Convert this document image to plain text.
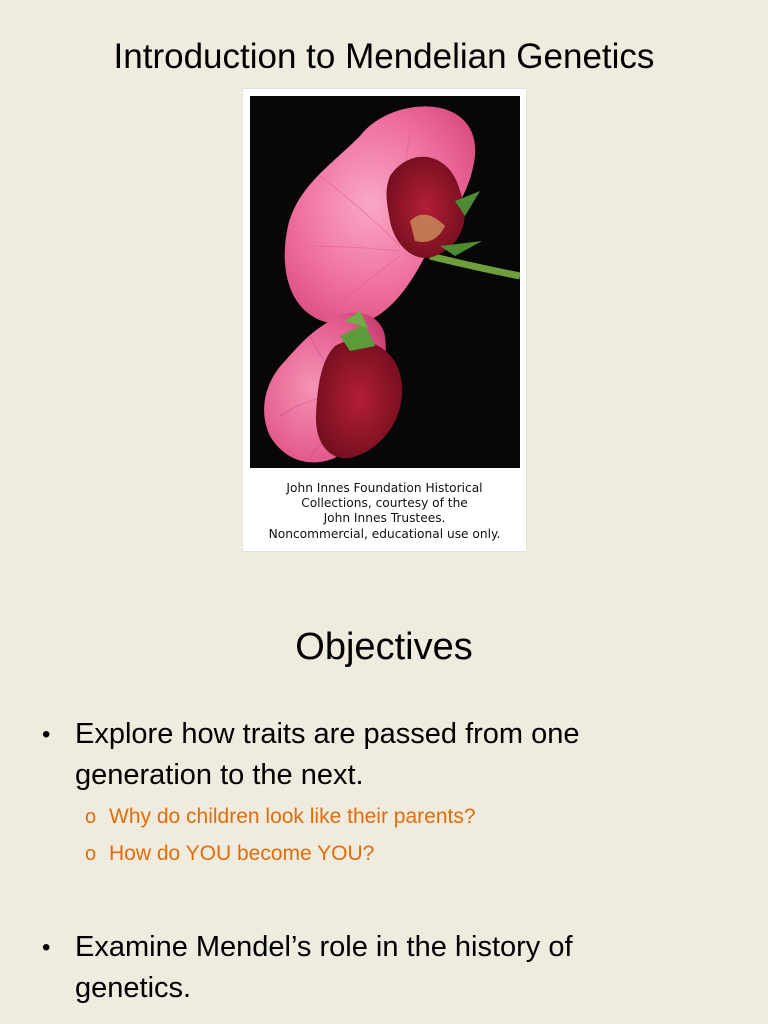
Introduction to Mendelian Genetics
John Innes Foundation Historical
Collections, courtesy of the
John Innes Trustees.
Noncommercial, educational use only.
Objectives
• Explore how traits are passed from one
generation to the next.
o Why do children look like their parents?
o How do YOU become YOU?
• Examine Mendel’s role in the history of
genetics.
